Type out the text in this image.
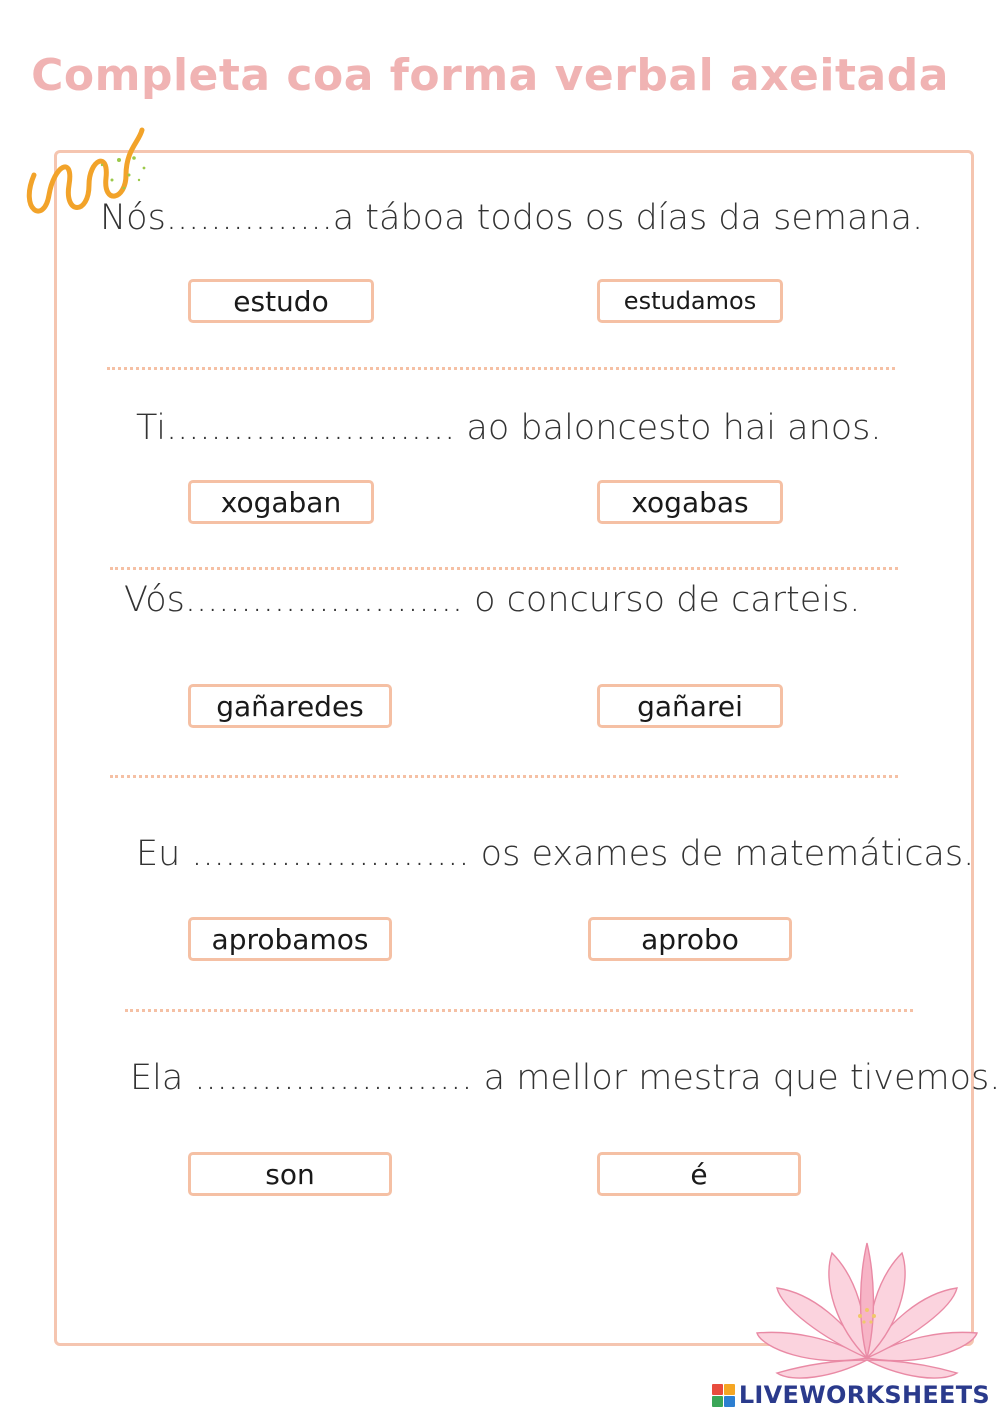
Completa coa forma verbal axeitada
Nós...............a táboa todos os días da semana.
estudo	estudamos
Ti.......................... ao baloncesto hai anos.
xogaban	xogabas
Vós......................... o concurso de carteis.
gañaredes	gañarei
Eu ......................... os exames de matemáticas.
aprobamos	aprobo
Ela ......................... a mellor mestra que tivemos.
son	é
LIVEWORKSHEETS
